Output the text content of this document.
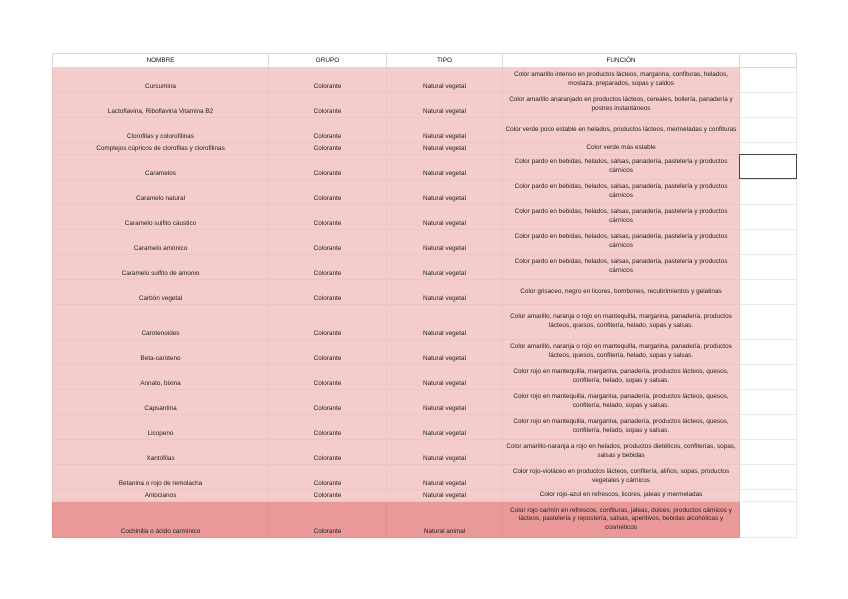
NOMBRE	GRUPO	TIPO	FUNCIÓN	
Curcumina	Colorante	Natural vegetal	Color amarillo intenso en productos lácteos, margarina, confituras, helados, mostaza, preparados, sopas y caldos	
Lactoflavina, Riboflavina Vitamina B2	Colorante	Natural vegetal	Color amarillo anaranjado en productos lácteos, cereales, bollería, panadería y postres instantáneos	
Clorofilas y colorofilinas	Colorante	Natural vegetal	Color verde poco estable en helados, productos lácteos, mermeladas y confituras	
Complejos cúpricos de clorofilas y clorofilinas	Colorante	Natural vegetal	Color verde más estable	
Caramelos	Colorante	Natural vegetal	Color pardo en bebidas, helados, salsas, panadería, pastelería y productos cárnicos	
Caramelo natural	Colorante	Natural vegetal	Color pardo en bebidas, helados, salsas, panadería, pastelería y productos cárnicos	
Caramelo sulfito cáustico	Colorante	Natural vegetal	Color pardo en bebidas, helados, salsas, panadería, pastelería y productos cárnicos	
Caramelo amónico	Colorante	Natural vegetal	Color pardo en bebidas, helados, salsas, panadería, pastelería y productos cárnicos	
Caramelo sulfito de amonio	Colorante	Natural vegetal	Color pardo en bebidas, helados, salsas, panadería, pastelería y productos cárnicos	
Carbón vegetal	Colorante	Natural vegetal	Color grisaceo, negro en licores, bombones, recubrimientos y gelatinas	
Carotenoides	Colorante	Natural vegetal	Color amarillo, naranja o rojo en mantequilla, margarina, panadería, productos lácteos, quesos, confitería, helado, sopas y salsas.	
Beta-caroteno	Colorante	Natural vegetal	Color amarillo, naranja o rojo en mantequilla, margarina, panadería, productos lácteos, quesos, confitería, helado, sopas y salsas.	
Annato, bixina	Colorante	Natural vegetal	Color rojo en mantequilla, margarina, panadería, productos lácteos, quesos, confitería, helado, sopas y salsas.	
Capsantina	Colorante	Natural vegetal	Color rojo en mantequilla, margarina, panadería, productos lácteos, quesos, confitería, helado, sopas y salsas.	
Licopeno	Colorante	Natural vegetal	Color rojo en mantequilla, margarina, panadería, productos lácteos, quesos, confitería, helado, sopas y salsas.	
Xantófilas	Colorante	Natural vegetal	Color amarillo-naranja a rojo en helados, productos dietéticos, confiterías, sopas, salsas y bebidas	
Betanina o rojo de remolacha	Colorante	Natural vegetal	Color rojo-violáceo en productos lácteos, confitería, aliños, sopas, productos vegetales y cárnicos	
Antocianos	Colorante	Natural vegetal	Color rojo-azul en refrescos, licores, jaleas y mermeladas	
Cochinilla o ácido carmínico	Colorante	Natural animal	Color rojo carmín en refrescos, confituras, jaleas, dulces, productos cárnicos y lácteos, pastelería y repostería, salsas, aperitivos, bebidas alcohólicas y cosméticos	
